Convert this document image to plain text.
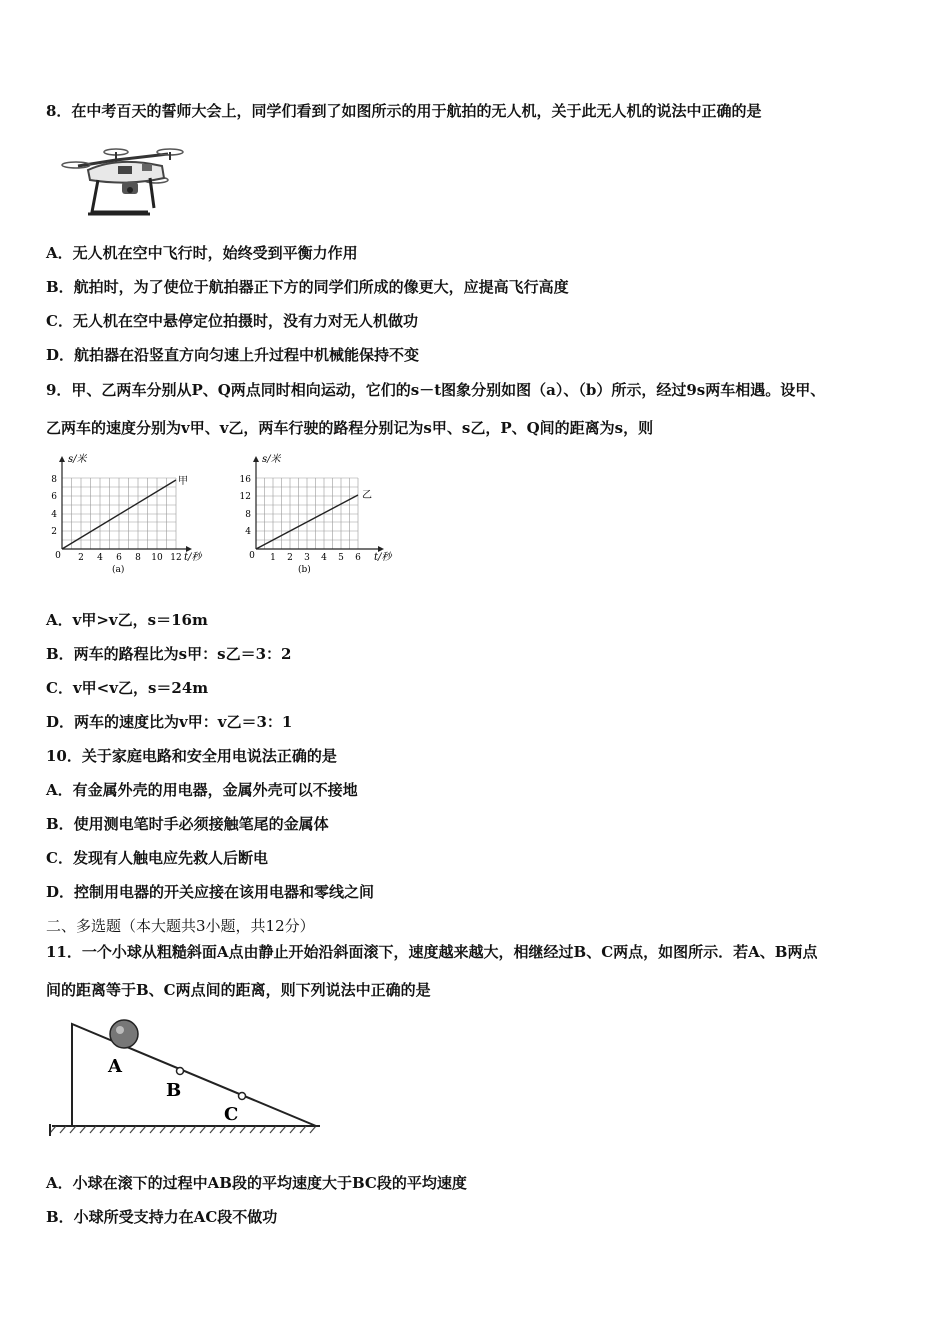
8．在中考百天的誓师大会上，同学们看到了如图所示的用于航拍的无人机，关于此无人机的说法中正确的是
A．无人机在空中飞行时，始终受到平衡力作用
B．航拍时，为了使位于航拍器正下方的同学们所成的像更大，应提高飞行高度
C．无人机在空中悬停定位拍摄时，没有力对无人机做功
D．航拍器在沿竖直方向匀速上升过程中机械能保持不变
9．甲、乙两车分别从P、Q两点同时相向运动，它们的s－t图象分别如图（a）、（b）所示，经过9s两车相遇。设甲、
乙两车的速度分别为v甲、v乙，两车行驶的路程分别记为s甲、s乙，P、Q间的距离为s，则
甲
s/米
t/秒
2
4
6
8
0 2 4 6 8 10 12
(a)
乙
s/米
t/秒
4
8
12
16
0 1 2 3 4 5 6
(b)
A．v甲>v乙，s＝16m
B．两车的路程比为s甲：s乙＝3：2
C．v甲<v乙，s＝24m
D．两车的速度比为v甲：v乙＝3：1
10．关于家庭电路和安全用电说法正确的是
A．有金属外壳的用电器，金属外壳可以不接地
B．使用测电笔时手必须接触笔尾的金属体
C．发现有人触电应先救人后断电
D．控制用电器的开关应接在该用电器和零线之间
二、多选题（本大题共3小题，共12分）
11．一个小球从粗糙斜面A点由静止开始沿斜面滚下，速度越来越大，相继经过B、C两点，如图所示．若A、B两点
间的距离等于B、C两点间的距离，则下列说法中正确的是
A
B
C
A．小球在滚下的过程中AB段的平均速度大于BC段的平均速度
B．小球所受支持力在AC段不做功
